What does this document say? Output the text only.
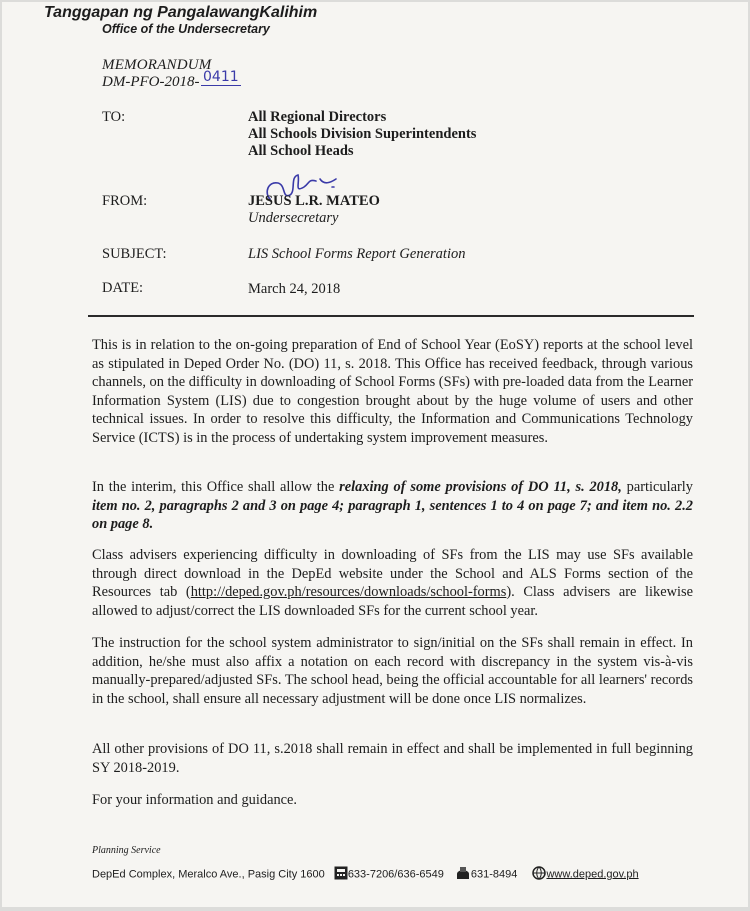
Tanggapan ng PangalawangKalihim
Office of the Undersecretary
MEMORANDUM
DM-PFO-2018- 0411
TO:	All Regional Directors
All Schools Division Superintendents
All School Heads
FROM:	JESUS L.R. MATEO
Undersecretary
SUBJECT:	LIS School Forms Report Generation
DATE:	March 24, 2018
This is in relation to the on-going preparation of End of School Year (EoSY) reports at the school level as stipulated in Deped Order No. (DO) 11, s. 2018. This Office has received feedback, through various channels, on the difficulty in downloading of School Forms (SFs) with pre-loaded data from the Learner Information System (LIS) due to congestion brought about by the huge volume of users and other technical issues. In order to resolve this difficulty, the Information and Communications Technology Service (ICTS) is in the process of undertaking system improvement measures.
In the interim, this Office shall allow the relaxing of some provisions of DO 11, s. 2018, particularly item no. 2, paragraphs 2 and 3 on page 4; paragraph 1, sentences 1 to 4 on page 7; and item no. 2.2 on page 8.
Class advisers experiencing difficulty in downloading of SFs from the LIS may use SFs available through direct download in the DepEd website under the School and ALS Forms section of the Resources tab (http://deped.gov.ph/resources/downloads/school-forms). Class advisers are likewise allowed to adjust/correct the LIS downloaded SFs for the current school year.
The instruction for the school system administrator to sign/initial on the SFs shall remain in effect. In addition, he/she must also affix a notation on each record with discrepancy in the system vis-à-vis manually-prepared/adjusted SFs. The school head, being the official accountable for all learners' records in the school, shall ensure all necessary adjustment will be done once LIS normalizes.
All other provisions of DO 11, s.2018 shall remain in effect and shall be implemented in full beginning SY 2018-2019.
For your information and guidance.
Planning Service
DepEd Complex, Meralco Ave., Pasig City 1600 633-7206/636-6549 631-8494	www.deped.gov.ph
